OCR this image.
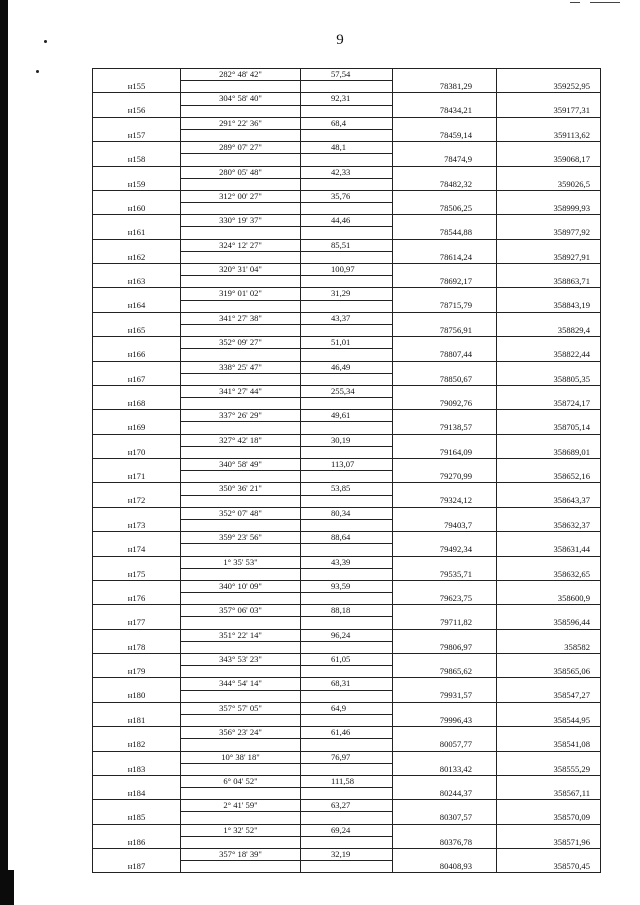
9
	282° 48' 42"	57,54		
н155			78381,29	359252,95
	304° 58' 40"	92,31		
н156			78434,21	359177,31
	291° 22' 36"	68,4		
н157			78459,14	359113,62
	289° 07' 27"	48,1		
н158			78474,9	359068,17
	280° 05' 48"	42,33		
н159			78482,32	359026,5
	312° 00' 27"	35,76		
н160			78506,25	358999,93
	330° 19' 37"	44,46		
н161			78544,88	358977,92
	324° 12' 27"	85,51		
н162			78614,24	358927,91
	320° 31' 04"	100,97		
н163			78692,17	358863,71
	319° 01' 02"	31,29		
н164			78715,79	358843,19
	341° 27' 38"	43,37		
н165			78756,91	358829,4
	352° 09' 27"	51,01		
н166			78807,44	358822,44
	338° 25' 47"	46,49		
н167			78850,67	358805,35
	341° 27' 44"	255,34		
н168			79092,76	358724,17
	337° 26' 29"	49,61		
н169			79138,57	358705,14
	327° 42' 18"	30,19		
н170			79164,09	358689,01
	340° 58' 49"	113,07		
н171			79270,99	358652,16
	350° 36' 21"	53,85		
н172			79324,12	358643,37
	352° 07' 48"	80,34		
н173			79403,7	358632,37
	359° 23' 56"	88,64		
н174			79492,34	358631,44
	1° 35' 53"	43,39		
н175			79535,71	358632,65
	340° 10' 09"	93,59		
н176			79623,75	358600,9
	357° 06' 03"	88,18		
н177			79711,82	358596,44
	351° 22' 14"	96,24		
н178			79806,97	358582
	343° 53' 23"	61,05		
н179			79865,62	358565,06
	344° 54' 14"	68,31		
н180			79931,57	358547,27
	357° 57' 05"	64,9		
н181			79996,43	358544,95
	356° 23' 24"	61,46		
н182			80057,77	358541,08
	10° 38' 18"	76,97		
н183			80133,42	358555,29
	6° 04' 52"	111,58		
н184			80244,37	358567,11
	2° 41' 59"	63,27		
н185			80307,57	358570,09
	1° 32' 52"	69,24		
н186			80376,78	358571,96
	357° 18' 39"	32,19		
н187			80408,93	358570,45
